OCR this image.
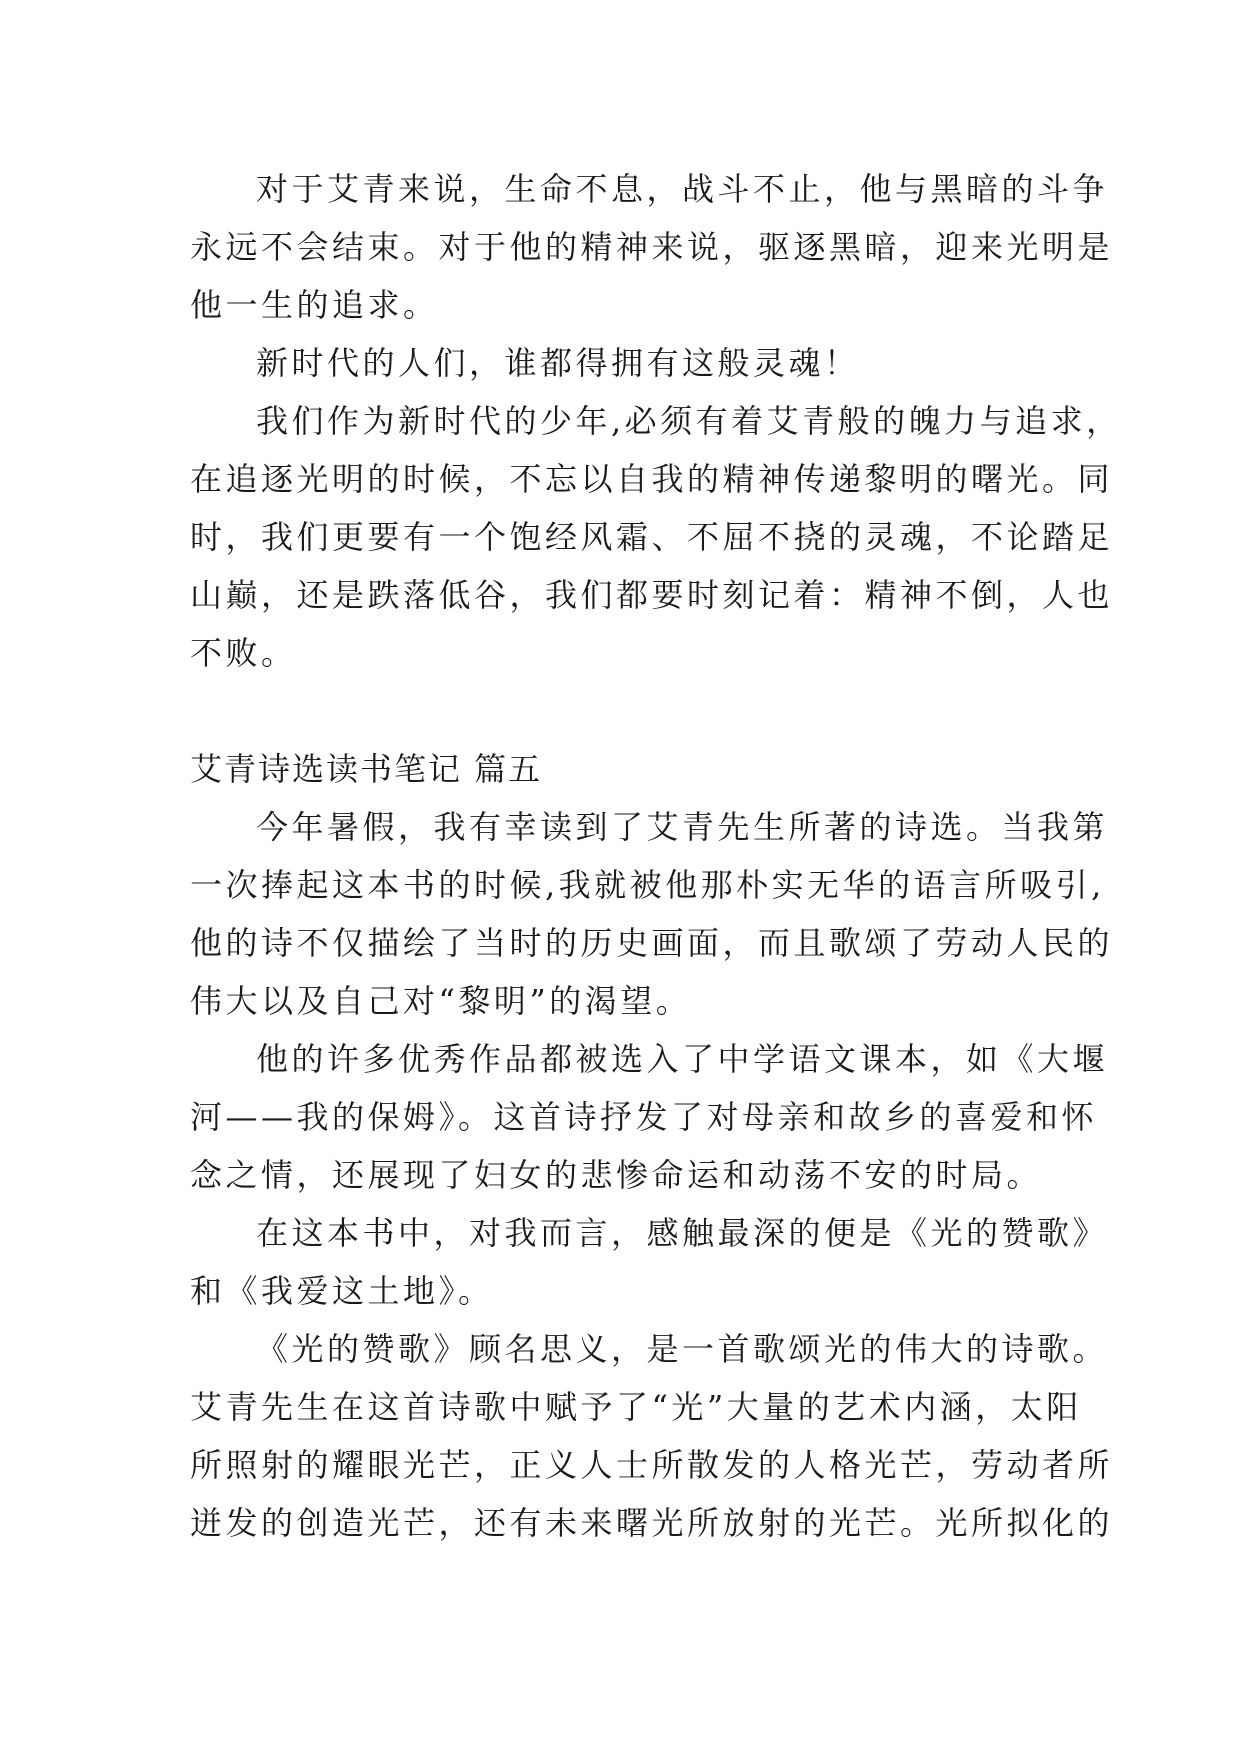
对于艾青来说，生命不息，战斗不止，他与黑暗的斗争
永远不会结束。对于他的精神来说，驱逐黑暗，迎来光明是
他一生的追求。
新时代的人们，谁都得拥有这般灵魂！
我们作为新时代的少年,必须有着艾青般的魄力与追求，
在追逐光明的时候，不忘以自我的精神传递黎明的曙光。同
时，我们更要有一个饱经风霜、不屈不挠的灵魂，不论踏足
山巅，还是跌落低谷，我们都要时刻记着：精神不倒，人也
不败。
艾青诗选读书笔记 篇五
今年暑假，我有幸读到了艾青先生所著的诗选。当我第
一次捧起这本书的时候,我就被他那朴实无华的语言所吸引,
他的诗不仅描绘了当时的历史画面，而且歌颂了劳动人民的
伟大以及自己对“黎明”的渴望。
他的许多优秀作品都被选入了中学语文课本，如《大堰
河——我的保姆》。这首诗抒发了对母亲和故乡的喜爱和怀
念之情，还展现了妇女的悲惨命运和动荡不安的时局。
在这本书中，对我而言，感触最深的便是《光的赞歌》
和《我爱这土地》。
《光的赞歌》顾名思义，是一首歌颂光的伟大的诗歌。
艾青先生在这首诗歌中赋予了“光”大量的艺术内涵，太阳
所照射的耀眼光芒，正义人士所散发的人格光芒，劳动者所
迸发的创造光芒，还有未来曙光所放射的光芒。光所拟化的
